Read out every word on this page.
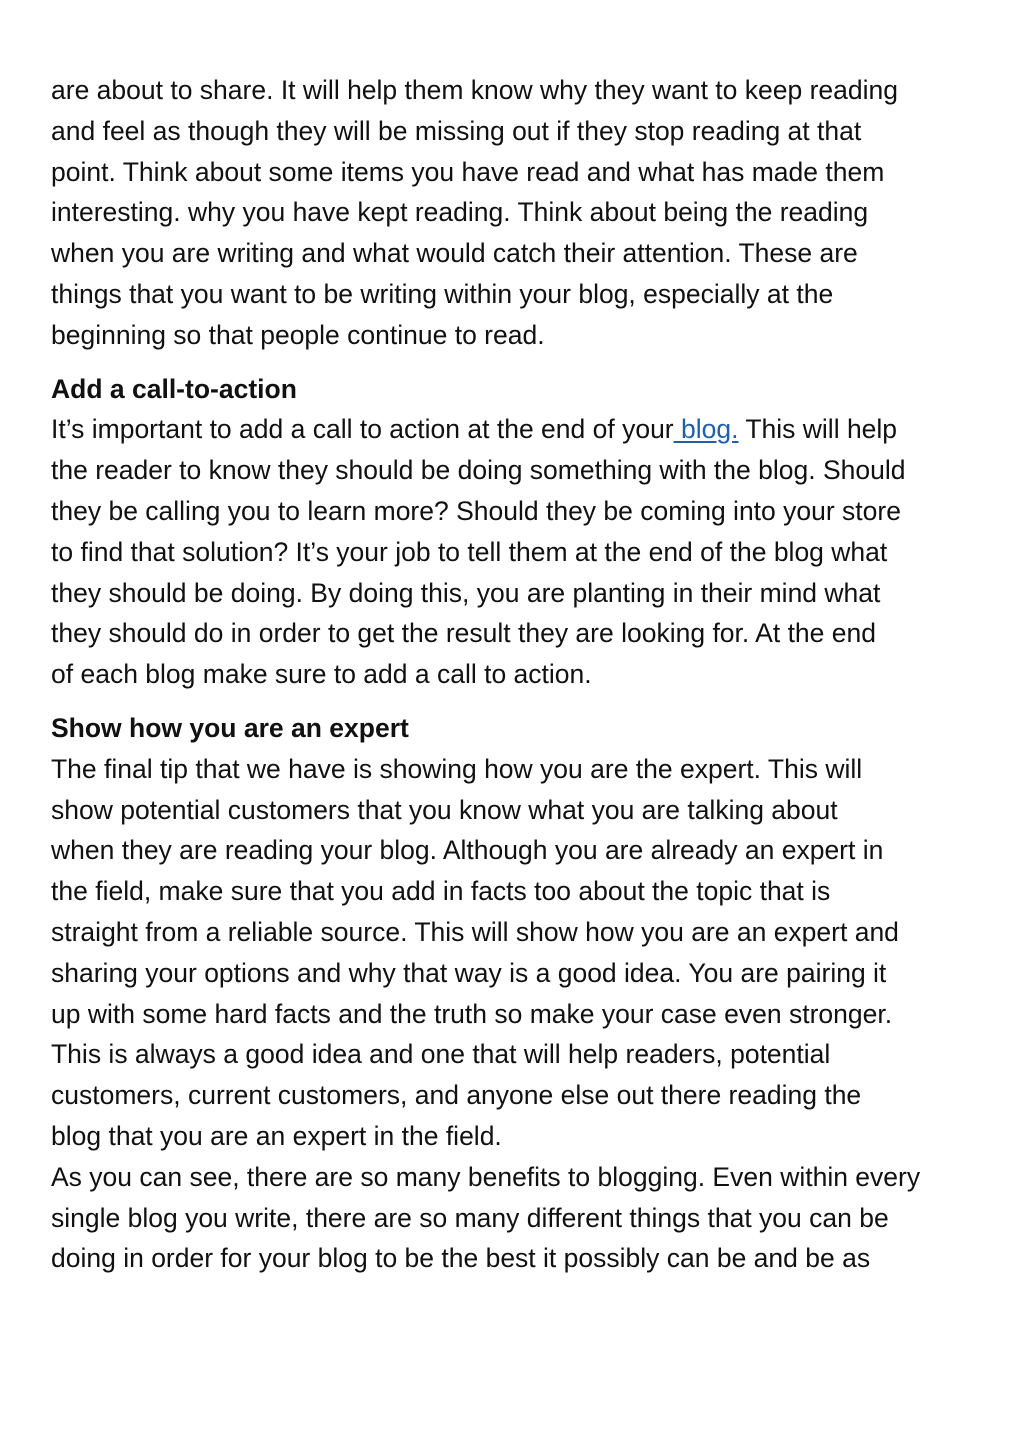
are about to share. It will help them know why they want to keep reading
and feel as though they will be missing out if they stop reading at that
point. Think about some items you have read and what has made them
interesting. why you have kept reading. Think about being the reading
when you are writing and what would catch their attention. These are
things that you want to be writing within your blog, especially at the
beginning so that people continue to read.

Add a call-to-action

It’s important to add a call to action at the end of your blog. This will help
the reader to know they should be doing something with the blog. Should
they be calling you to learn more? Should they be coming into your store
to find that solution? It’s your job to tell them at the end of the blog what
they should be doing. By doing this, you are planting in their mind what
they should do in order to get the result they are looking for. At the end
of each blog make sure to add a call to action.

Show how you are an expert

The final tip that we have is showing how you are the expert. This will
show potential customers that you know what you are talking about
when they are reading your blog. Although you are already an expert in
the field, make sure that you add in facts too about the topic that is
straight from a reliable source. This will show how you are an expert and
sharing your options and why that way is a good idea. You are pairing it
up with some hard facts and the truth so make your case even stronger.
This is always a good idea and one that will help readers, potential
customers, current customers, and anyone else out there reading the
blog that you are an expert in the field.

As you can see, there are so many benefits to blogging. Even within every
single blog you write, there are so many different things that you can be
doing in order for your blog to be the best it possibly can be and be as
